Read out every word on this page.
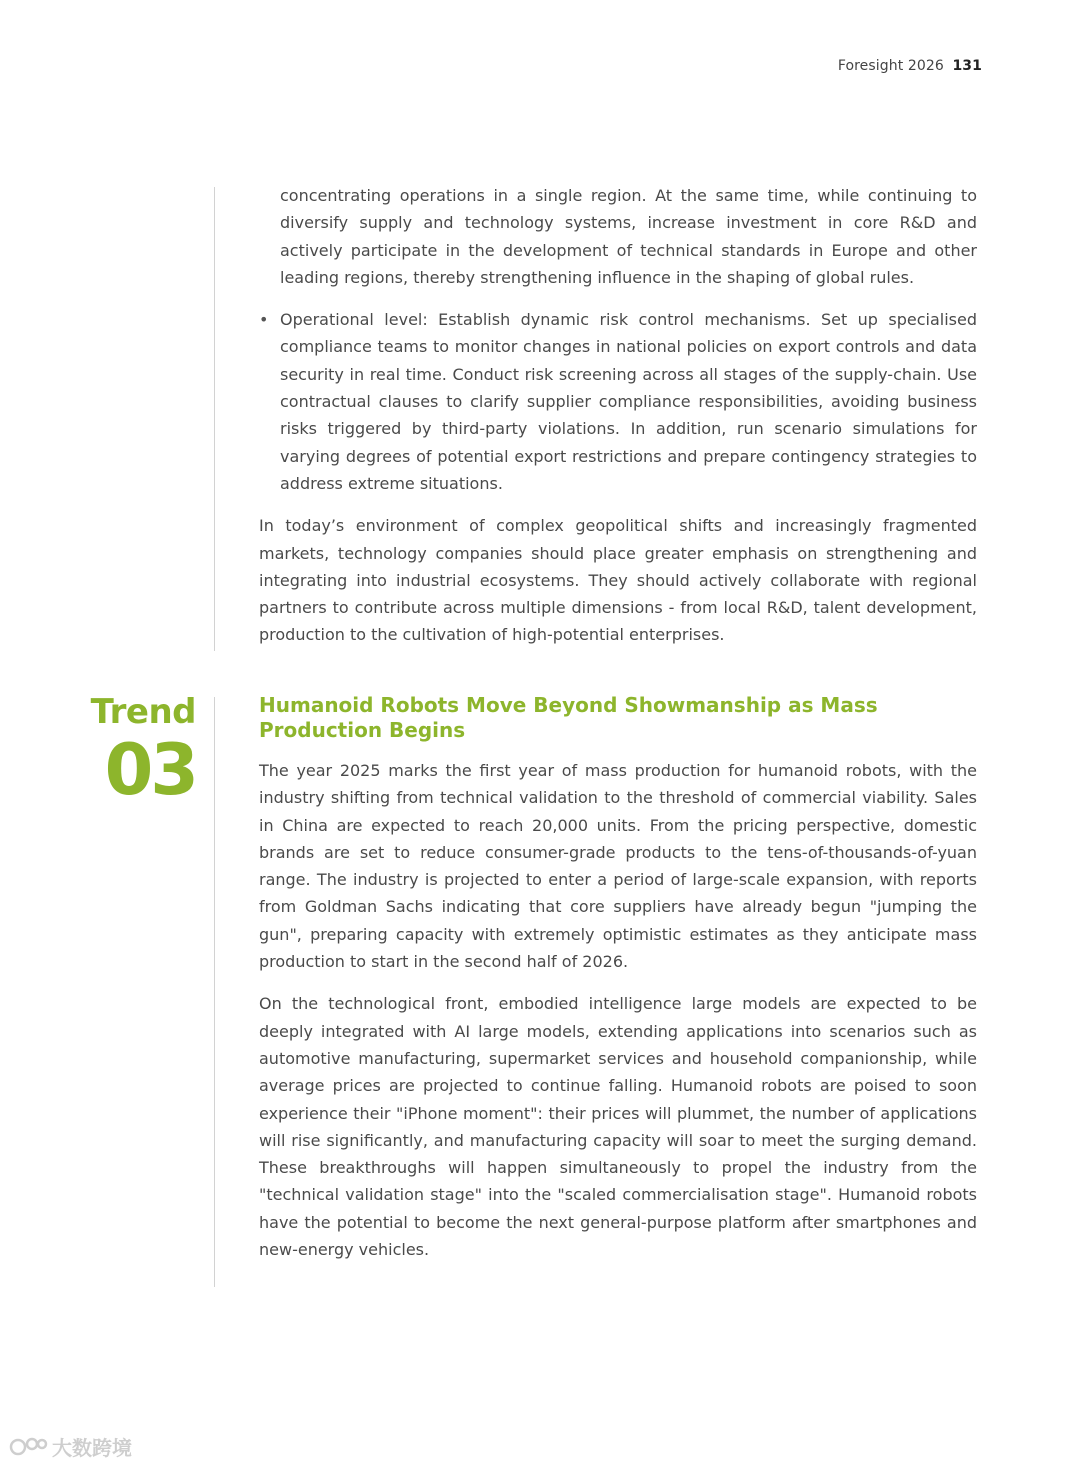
Foresight 2026 131

concentrating operations in a single region. At the same time, while continuing to diversify supply and technology systems, increase investment in core R&D and actively participate in the development of technical standards in Europe and other leading regions, thereby strengthening influence in the shaping of global rules.

• Operational level: Establish dynamic risk control mechanisms. Set up specialised compliance teams to monitor changes in national policies on export controls and data security in real time. Conduct risk screening across all stages of the supply-chain. Use contractual clauses to clarify supplier compliance responsibilities, avoiding business risks triggered by third-party violations. In addition, run scenario simulations for varying degrees of potential export restrictions and prepare contingency strategies to address extreme situations.

In today’s environment of complex geopolitical shifts and increasingly fragmented markets, technology companies should place greater emphasis on strengthening and integrating into industrial ecosystems. They should actively collaborate with regional partners to contribute across multiple dimensions - from local R&D, talent development, production to the cultivation of high-potential enterprises.

Trend
03
Humanoid Robots Move Beyond Showmanship as Mass Production Begins

The year 2025 marks the first year of mass production for humanoid robots, with the industry shifting from technical validation to the threshold of commercial viability. Sales in China are expected to reach 20,000 units. From the pricing perspective, domestic brands are set to reduce consumer-grade products to the tens-of-thousands-of-yuan range. The industry is projected to enter a period of large-scale expansion, with reports from Goldman Sachs indicating that core suppliers have already begun "jumping the gun", preparing capacity with extremely optimistic estimates as they anticipate mass production to start in the second half of 2026.

On the technological front, embodied intelligence large models are expected to be deeply integrated with AI large models, extending applications into scenarios such as automotive manufacturing, supermarket services and household companionship, while average prices are projected to continue falling. Humanoid robots are poised to soon experience their "iPhone moment": their prices will plummet, the number of applications will rise significantly, and manufacturing capacity will soar to meet the surging demand. These breakthroughs will happen simultaneously to propel the industry from the "technical validation stage" into the "scaled commercialisation stage". Humanoid robots have the potential to become the next general-purpose platform after smartphones and new-energy vehicles.

大数跨境
